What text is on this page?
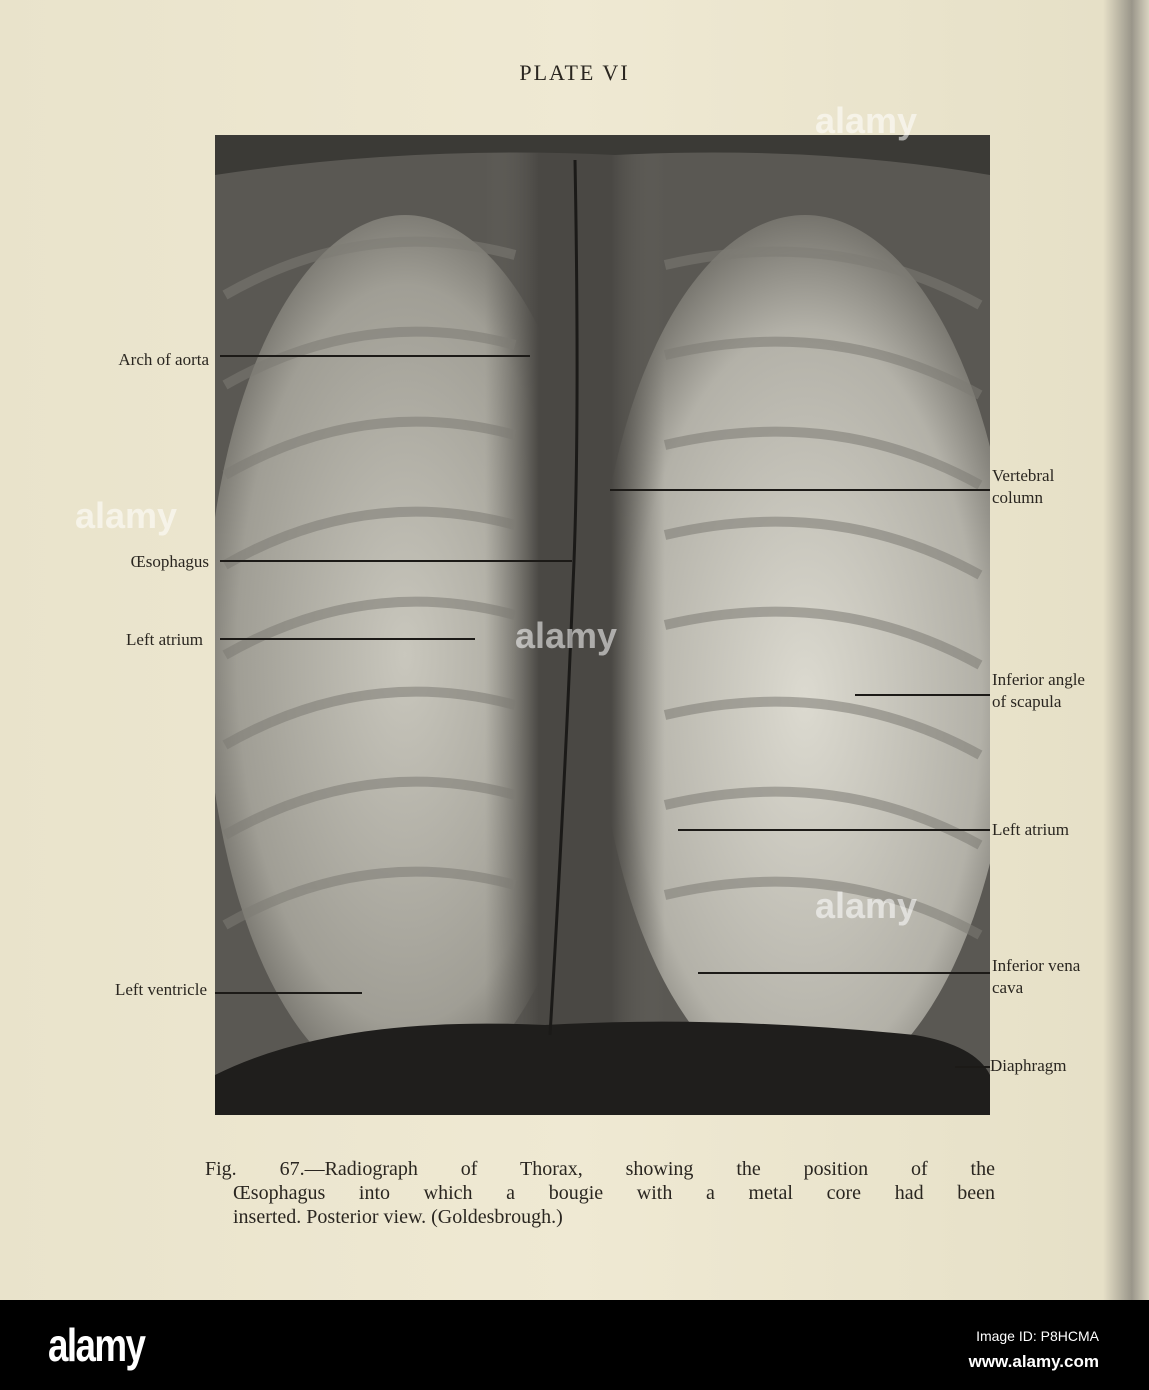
PLATE VI
Arch of aorta
Œsophagus
Left atrium
Left ventricle
Vertebral
column
Inferior angle
of scapula
Left atrium
Inferior vena
cava
Diaphragm
Fig. 67.—Radiograph of Thorax, showing the position of the
Œsophagus into which a bougie with a metal core had been
inserted. Posterior view. (Goldesbrough.)
alamy
alamy
alamy
alamy
alamy	Image ID: P8HCMA
www.alamy.com
